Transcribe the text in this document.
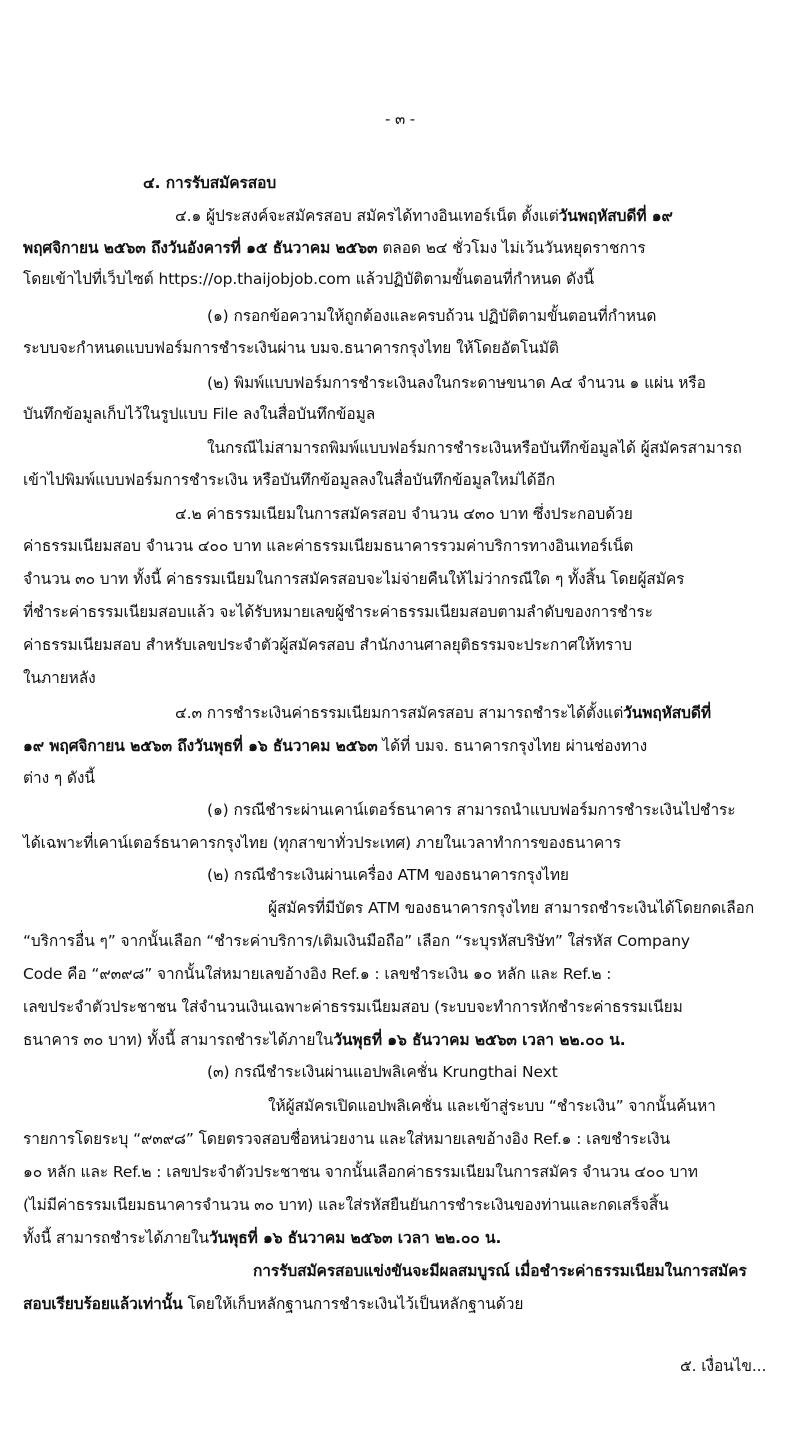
- ๓ -
๔. การรับสมัครสอบ
๔.๑ ผู้ประสงค์จะสมัครสอบ สมัครได้ทางอินเทอร์เน็ต ตั้งแต่วันพฤหัสบดีที่ ๑๙
พฤศจิกายน ๒๕๖๓ ถึงวันอังคารที่ ๑๕ ธันวาคม ๒๕๖๓ ตลอด ๒๔ ชั่วโมง ไม่เว้นวันหยุดราชการ
โดยเข้าไปที่เว็บไซต์ https://op.thaijobjob.com แล้วปฏิบัติตามขั้นตอนที่กำหนด ดังนี้
(๑) กรอกข้อความให้ถูกต้องและครบถ้วน ปฏิบัติตามขั้นตอนที่กำหนด
ระบบจะกำหนดแบบฟอร์มการชำระเงินผ่าน บมจ.ธนาคารกรุงไทย ให้โดยอัตโนมัติ
(๒) พิมพ์แบบฟอร์มการชำระเงินลงในกระดาษขนาด A๔ จำนวน ๑ แผ่น หรือ
บันทึกข้อมูลเก็บไว้ในรูปแบบ File ลงในสื่อบันทึกข้อมูล
ในกรณีไม่สามารถพิมพ์แบบฟอร์มการชำระเงินหรือบันทึกข้อมูลได้ ผู้สมัครสามารถ
เข้าไปพิมพ์แบบฟอร์มการชำระเงิน หรือบันทึกข้อมูลลงในสื่อบันทึกข้อมูลใหม่ได้อีก
๔.๒ ค่าธรรมเนียมในการสมัครสอบ จำนวน ๔๓๐ บาท ซึ่งประกอบด้วย
ค่าธรรมเนียมสอบ จำนวน ๔๐๐ บาท และค่าธรรมเนียมธนาคารรวมค่าบริการทางอินเทอร์เน็ต
จำนวน ๓๐ บาท ทั้งนี้ ค่าธรรมเนียมในการสมัครสอบจะไม่จ่ายคืนให้ไม่ว่ากรณีใด ๆ ทั้งสิ้น โดยผู้สมัคร
ที่ชำระค่าธรรมเนียมสอบแล้ว จะได้รับหมายเลขผู้ชำระค่าธรรมเนียมสอบตามลำดับของการชำระ
ค่าธรรมเนียมสอบ สำหรับเลขประจำตัวผู้สมัครสอบ สำนักงานศาลยุติธรรมจะประกาศให้ทราบ
ในภายหลัง
๔.๓ การชำระเงินค่าธรรมเนียมการสมัครสอบ สามารถชำระได้ตั้งแต่วันพฤหัสบดีที่
๑๙ พฤศจิกายน ๒๕๖๓ ถึงวันพุธที่ ๑๖ ธันวาคม ๒๕๖๓ ได้ที่ บมจ. ธนาคารกรุงไทย ผ่านช่องทาง
ต่าง ๆ ดังนี้
(๑) กรณีชำระผ่านเคาน์เตอร์ธนาคาร สามารถนำแบบฟอร์มการชำระเงินไปชำระ
ได้เฉพาะที่เคาน์เตอร์ธนาคารกรุงไทย (ทุกสาขาทั่วประเทศ) ภายในเวลาทำการของธนาคาร
(๒) กรณีชำระเงินผ่านเครื่อง ATM ของธนาคารกรุงไทย
ผู้สมัครที่มีบัตร ATM ของธนาคารกรุงไทย สามารถชำระเงินได้โดยกดเลือก
“บริการอื่น ๆ” จากนั้นเลือก “ชำระค่าบริการ/เติมเงินมือถือ” เลือก “ระบุรหัสบริษัท” ใส่รหัส Company
Code คือ “๙๓๙๘” จากนั้นใส่หมายเลขอ้างอิง Ref.๑ : เลขชำระเงิน ๑๐ หลัก และ Ref.๒ :
เลขประจำตัวประชาชน ใส่จำนวนเงินเฉพาะค่าธรรมเนียมสอบ (ระบบจะทำการหักชำระค่าธรรมเนียม
ธนาคาร ๓๐ บาท) ทั้งนี้ สามารถชำระได้ภายในวันพุธที่ ๑๖ ธันวาคม ๒๕๖๓ เวลา ๒๒.๐๐ น.
(๓) กรณีชำระเงินผ่านแอปพลิเคชั่น Krungthai Next
ให้ผู้สมัครเปิดแอปพลิเคชั่น และเข้าสู่ระบบ “ชำระเงิน” จากนั้นค้นหา
รายการโดยระบุ “๙๓๙๘” โดยตรวจสอบชื่อหน่วยงาน และใส่หมายเลขอ้างอิง Ref.๑ : เลขชำระเงิน
๑๐ หลัก และ Ref.๒ : เลขประจำตัวประชาชน จากนั้นเลือกค่าธรรมเนียมในการสมัคร จำนวน ๔๐๐ บาท
(ไม่มีค่าธรรมเนียมธนาคารจำนวน ๓๐ บาท) และใส่รหัสยืนยันการชำระเงินของท่านและกดเสร็จสิ้น
ทั้งนี้ สามารถชำระได้ภายในวันพุธที่ ๑๖ ธันวาคม ๒๕๖๓ เวลา ๒๒.๐๐ น.
การรับสมัครสอบแข่งขันจะมีผลสมบูรณ์ เมื่อชำระค่าธรรมเนียมในการสมัคร
สอบเรียบร้อยแล้วเท่านั้น โดยให้เก็บหลักฐานการชำระเงินไว้เป็นหลักฐานด้วย
๕. เงื่อนไข...
